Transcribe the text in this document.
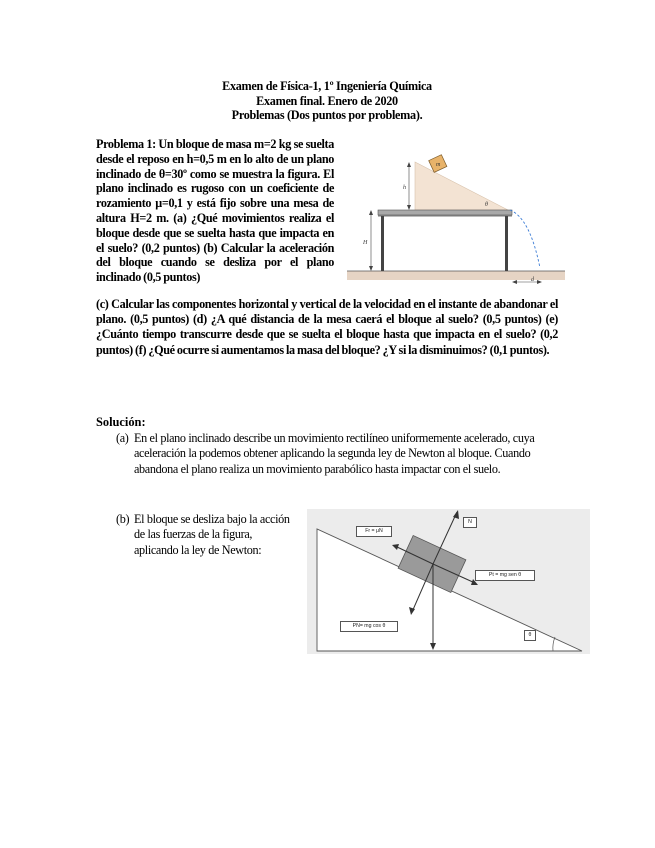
Examen de Física-1, 1º Ingeniería Química
Examen final. Enero de 2020
Problemas (Dos puntos por problema).
Problema 1: Un bloque de masa m=2 kg se suelta desde el reposo en h=0,5 m en lo alto de un plano inclinado de θ=30º como se muestra la figura. El plano inclinado es rugoso con un coeficiente de rozamiento μ=0,1 y está fijo sobre una mesa de altura H=2 m. (a) ¿Qué movimientos realiza el bloque desde que se suelta hasta que impacta en el suelo? (0,2 puntos) (b) Calcular la aceleración del bloque cuando se desliza por el plano inclinado (0,5 puntos)
m
h
θ
H
d
(c) Calcular las componentes horizontal y vertical de la velocidad en el instante de abandonar el plano. (0,5 puntos) (d) ¿A qué distancia de la mesa caerá el bloque al suelo? (0,5 puntos) (e) ¿Cuánto tiempo transcurre desde que se suelta el bloque hasta que impacta en el suelo? (0,2 puntos) (f) ¿Qué ocurre si aumentamos la masa del bloque? ¿Y si la disminuimos? (0,1 puntos).
Solución:
(a) En el plano inclinado describe un movimiento rectilíneo uniformemente acelerado, cuya aceleración la podemos obtener aplicando la segunda ley de Newton al bloque. Cuando abandona el plano realiza un movimiento parabólico hasta impactar con el suelo.
(b) El bloque se desliza bajo la acción de las fuerzas de la figura, aplicando la ley de Newton:
Fr = μN
N
Pt = mg sen θ
PN= mg cos θ
θ
